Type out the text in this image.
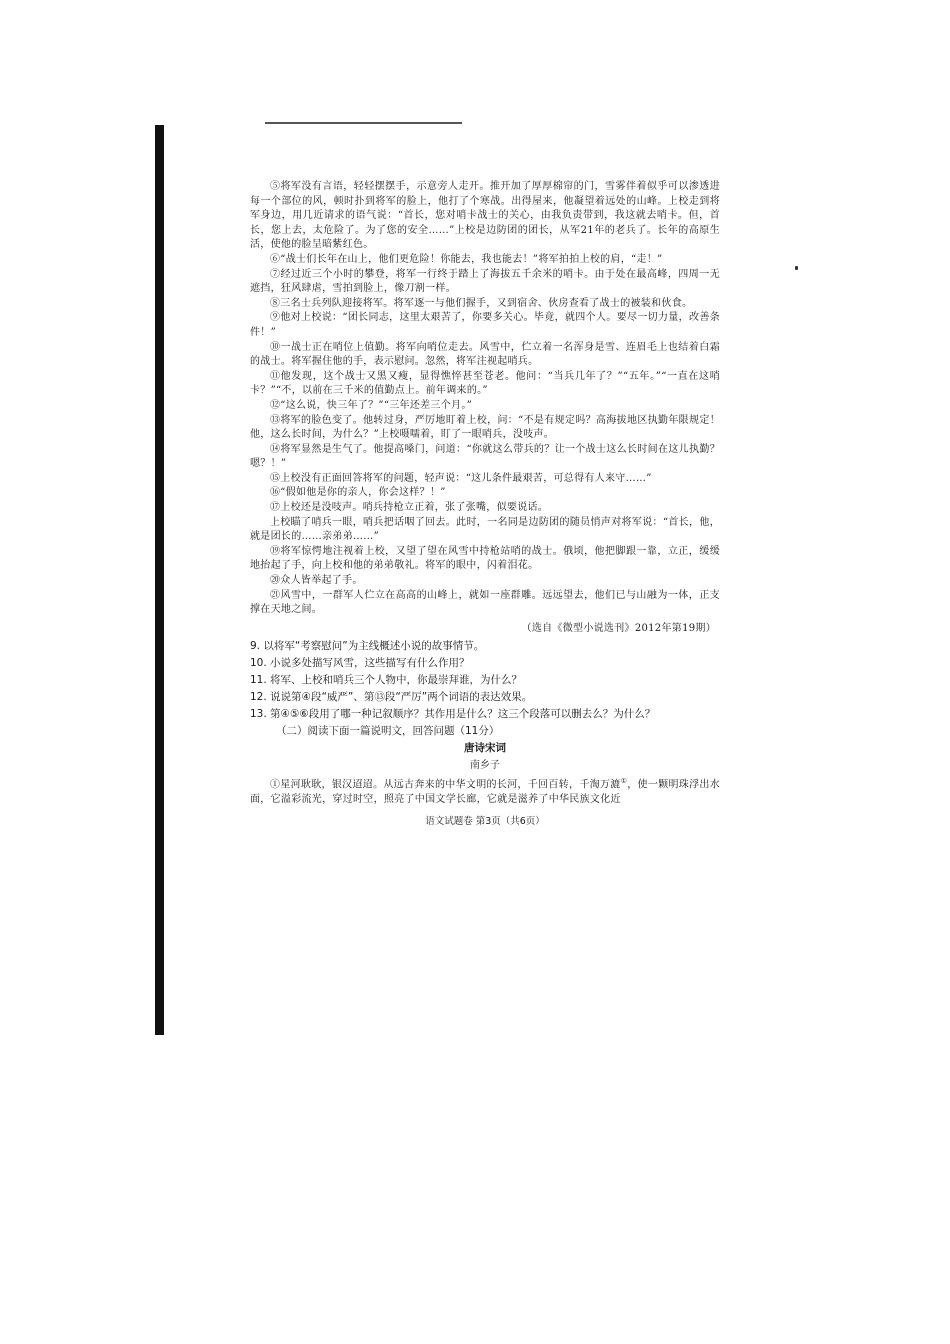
⑤将军没有言语，轻轻摆摆手，示意旁人走开。推开加了厚厚棉帘的门，雪雾伴着似乎可以渗透进每一个部位的风，顿时扑到将军的脸上，他打了个寒战。出得屋来，他凝望着远处的山峰。上校走到将军身边，用几近请求的语气说：“首长，您对哨卡战士的关心，由我负责带到，我这就去哨卡。但，首长，您上去，太危险了。为了您的安全……”上校是边防团的团长，从军21年的老兵了。长年的高原生活，使他的脸呈暗紫红色。

⑥“战士们长年在山上，他们更危险！你能去，我也能去！”将军拍拍上校的肩，“走！”

⑦经过近三个小时的攀登，将军一行终于踏上了海拔五千余米的哨卡。由于处在最高峰，四周一无遮挡，狂风肆虐，雪拍到脸上，像刀割一样。

⑧三名士兵列队迎接将军。将军逐一与他们握手，又到宿舍、伙房查看了战士的被装和伙食。

⑨他对上校说：“团长同志，这里太艰苦了，你要多关心。毕竟，就四个人。要尽一切力量，改善条件！”

⑩一战士正在哨位上值勤。将军向哨位走去。风雪中，伫立着一名浑身是雪、连眉毛上也结着白霜的战士。将军握住他的手，表示慰问。忽然，将军注视起哨兵。

⑪他发现，这个战士又黑又瘦，显得憔悴甚至苍老。他问：“当兵几年了？”“五年。”“一直在这哨卡？”“不，以前在三千米的值勤点上。前年调来的。”

⑫“这么说，快三年了？”“三年还差三个月。”

⑬将军的脸色变了。他转过身，严厉地盯着上校，问：“不是有规定吗？高海拔地区执勤年限规定！他，这么长时间，为什么？”上校嗫嚅着，盯了一眼哨兵，没吱声。

⑭将军显然是生气了。他提高嗓门，问道：“你就这么带兵的？让一个战士这么长时间在这儿执勤？嗯？！”

⑮上校没有正面回答将军的问题，轻声说：“这儿条件最艰苦，可总得有人来守……”

⑯“假如他是你的亲人，你会这样？！”

⑰上校还是没吱声。哨兵持枪立正着，张了张嘴，似要说话。

上校瞄了哨兵一眼，哨兵把话咽了回去。此时，一名同是边防团的随员悄声对将军说：“首长，他，就是团长的……亲弟弟……”

⑲将军惊愕地注视着上校，又望了望在风雪中持枪站哨的战士。俄顷，他把脚跟一靠，立正，缓缓地抬起了手，向上校和他的弟弟敬礼。将军的眼中，闪着泪花。

⑳众人皆举起了手。

㉑风雪中，一群军人伫立在高高的山峰上，就如一座群雕。远远望去，他们已与山融为一体，正支撑在天地之间。

（选自《微型小说选刊》2012年第19期）

9. 以将军“考察慰问”为主线概述小说的故事情节。

10. 小说多处描写风雪，这些描写有什么作用？

11. 将军、上校和哨兵三个人物中，你最崇拜谁，为什么？

12. 说说第④段“威严”、第⑬段“严厉”两个词语的表达效果。

13. 第④⑤⑥段用了哪一种记叙顺序？其作用是什么？这三个段落可以删去么？为什么？

（二）阅读下面一篇说明文，回答问题（11分）

唐诗宋词

南乡子

①星河耿耿，银汉迢迢。从远古奔来的中华文明的长河，千回百转，千淘万漉①，使一颗明珠浮出水面，它溢彩流光，穿过时空，照亮了中国文学长廊，它就是滋养了中华民族文化近

语文试题卷 第3页（共6页）
